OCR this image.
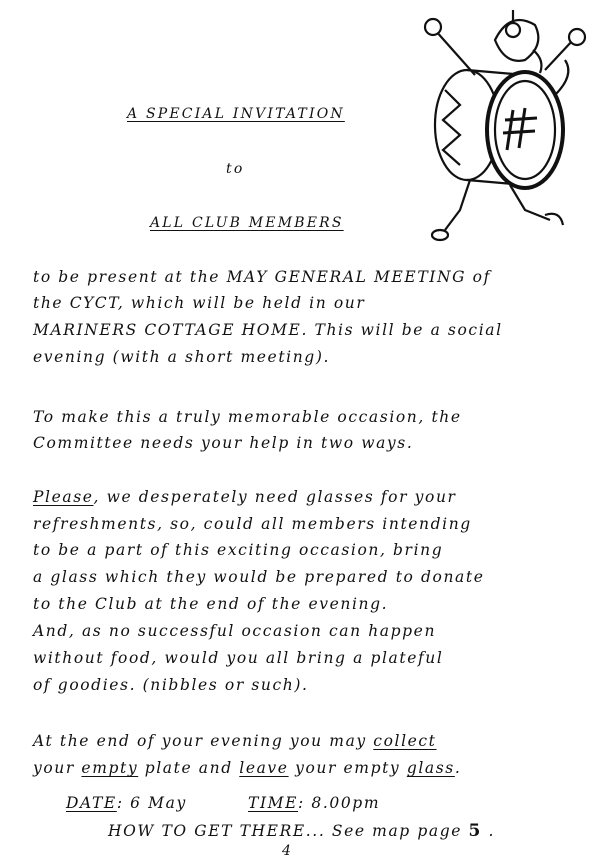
A SPECIAL INVITATION
to
ALL CLUB MEMBERS
to be present at the MAY GENERAL MEETING of
the CYCT, which will be held in our
MARINERS COTTAGE HOME. This will be a social
evening (with a short meeting).
To make this a truly memorable occasion, the
Committee needs your help in two ways.
Please, we desperately need glasses for your
refreshments, so, could all members intending
to be a part of this exciting occasion, bring
a glass which they would be prepared to donate
to the Club at the end of the evening.
And, as no successful occasion can happen
without food, would you all bring a plateful
of goodies. (nibbles or such).
At the end of your evening you may collect
your empty plate and leave your empty glass.
DATE: 6 May	TIME: 8.00pm
HOW TO GET THERE... See map page 5 .
4
